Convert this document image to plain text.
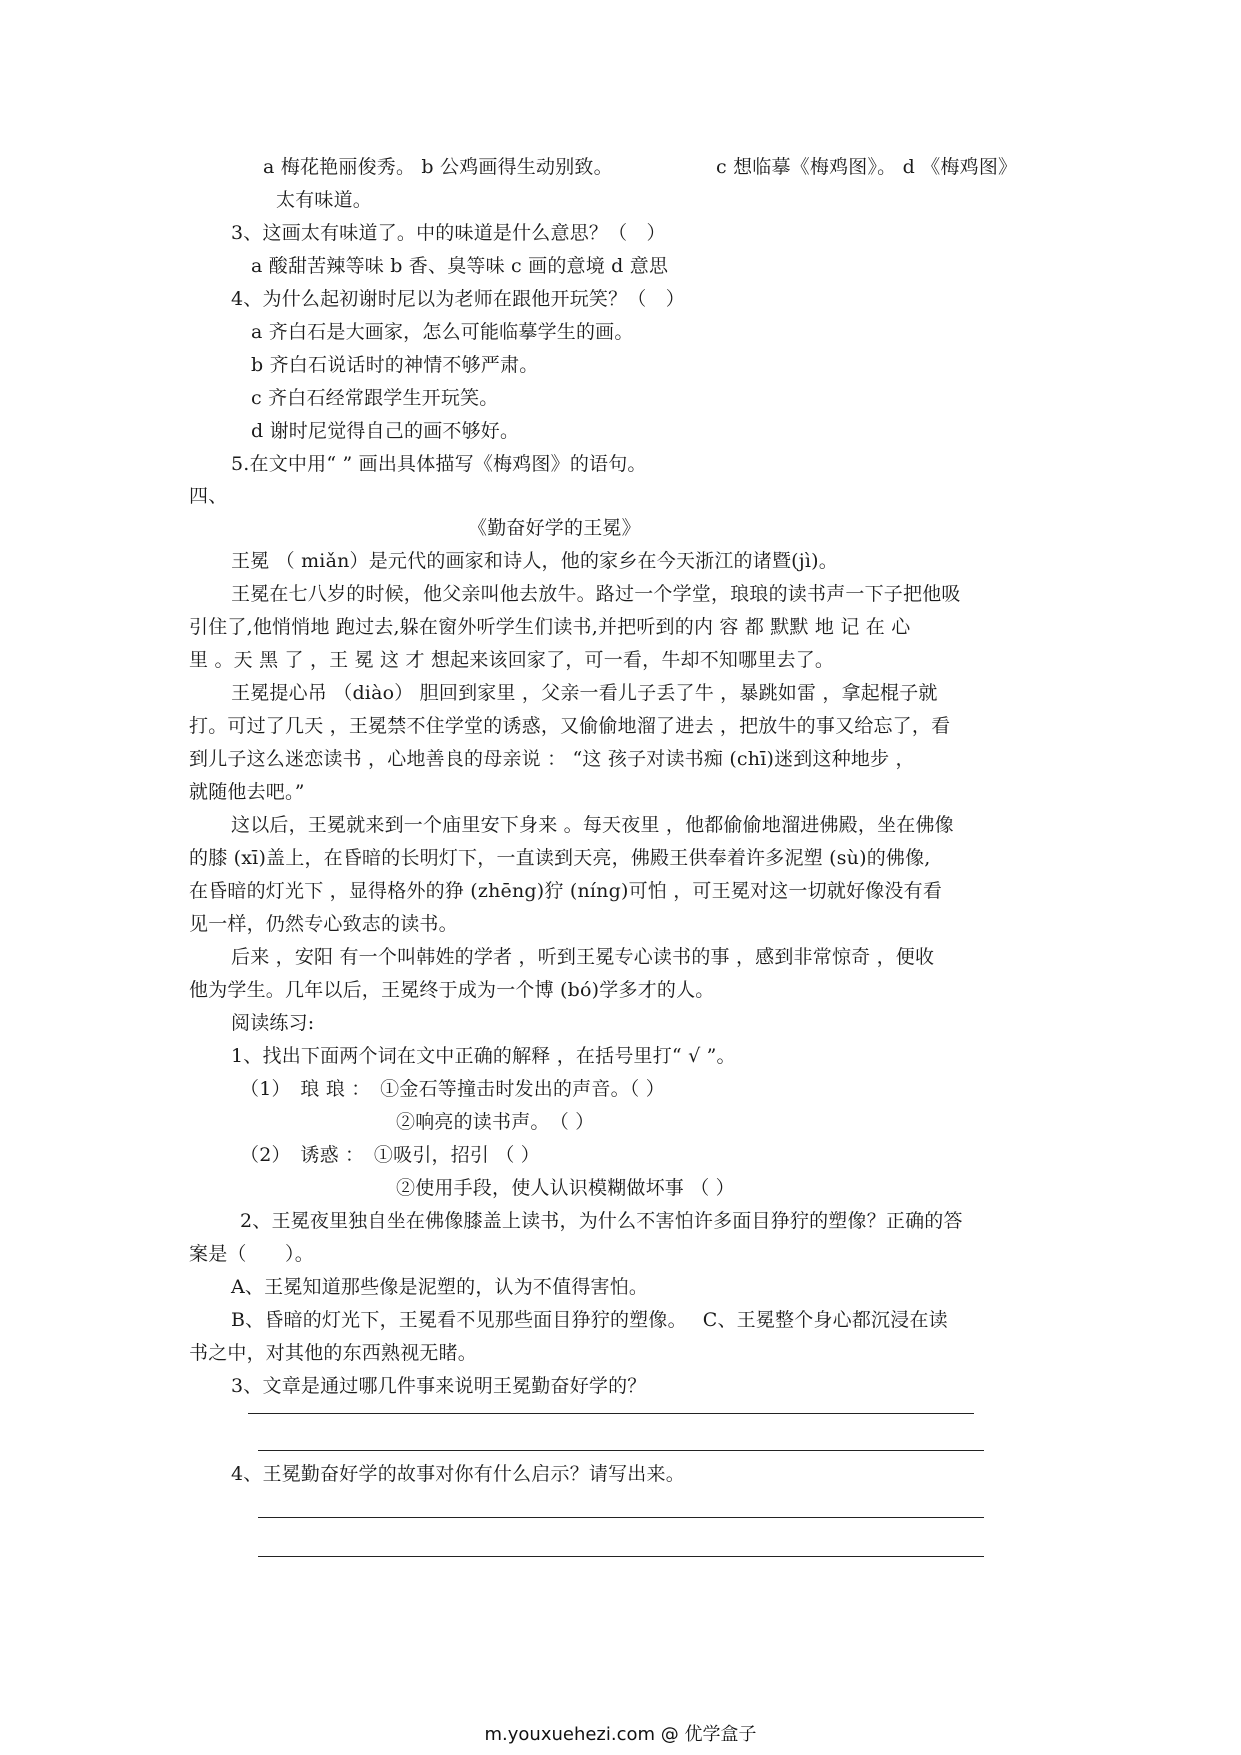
a 梅花艳丽俊秀。 b 公鸡画得生动别致。	c 想临摹《梅鸡图》。 d 《梅鸡图》
太有味道。
3、这画太有味道了。中的味道是什么意思？（　）
a 酸甜苦辣等味 b 香、臭等味 c 画的意境 d 意思
4、为什么起初谢时尼以为老师在跟他开玩笑？（　）
a 齐白石是大画家，怎么可能临摹学生的画。
b 齐白石说话时的神情不够严肃。
c 齐白石经常跟学生开玩笑。
d 谢时尼觉得自己的画不够好。
5.在文中用“ ” 画出具体描写《梅鸡图》的语句。
四、
《勤奋好学的王冕》
王冕 （ miǎn）是元代的画家和诗人，他的家乡在今天浙江的诸暨(jì)。
王冕在七八岁的时候，他父亲叫他去放牛。路过一个学堂，琅琅的读书声一下子把他吸
引住了,他悄悄地 跑过去,躲在窗外听学生们读书,并把听到的内 容 都 默默 地 记 在 心
里 。天 黑 了 ，王 冕 这 才 想起来该回家了，可一看，牛却不知哪里去了。
王冕提心吊 （diào） 胆回到家里 ，父亲一看儿子丢了牛 ，暴跳如雷 ，拿起棍子就
打。可过了几天 ，王冕禁不住学堂的诱惑，又偷偷地溜了进去 ，把放牛的事又给忘了，看
到儿子这么迷恋读书 ，心地善良的母亲说 ： “这 孩子对读书痴 (chī)迷到这种地步 ，
就随他去吧。”
这以后，王冕就来到一个庙里安下身来 。每天夜里 ，他都偷偷地溜进佛殿，坐在佛像
的膝 (xī)盖上，在昏暗的长明灯下，一直读到天亮，佛殿王供奉着许多泥塑 (sù)的佛像,
在昏暗的灯光下 ，显得格外的狰 (zhēng)狞 (níng)可怕 ，可王冕对这一切就好像没有看
见一样，仍然专心致志的读书。
后来 ，安阳 有一个叫韩姓的学者 ，听到王冕专心读书的事 ，感到非常惊奇 ，便收
他为学生。几年以后，王冕终于成为一个博 (bó)学多才的人。
阅读练习:
1、找出下面两个词在文中正确的解释 ，在括号里打“ √ ”。
（1）　琅 琅 ：　①金石等撞击时发出的声音。（ ）
②响亮的读书声。　（ ）
（2）　诱惑 ：　①吸引，招引 （ ）
②使用手段，使人认识模糊做坏事 （ ）
2、王冕夜里独自坐在佛像膝盖上读书，为什么不害怕许多面目狰狞的塑像？正确的答
案是（　　）。
A、王冕知道那些像是泥塑的，认为不值得害怕。
B、昏暗的灯光下，王冕看不见那些面目狰狞的塑像。　 C、王冕整个身心都沉浸在读
书之中，对其他的东西熟视无睹。
3、文章是通过哪几件事来说明王冕勤奋好学的？
4、王冕勤奋好学的故事对你有什么启示？请写出来。
m.youxuehezi.com @ 优学盒子
